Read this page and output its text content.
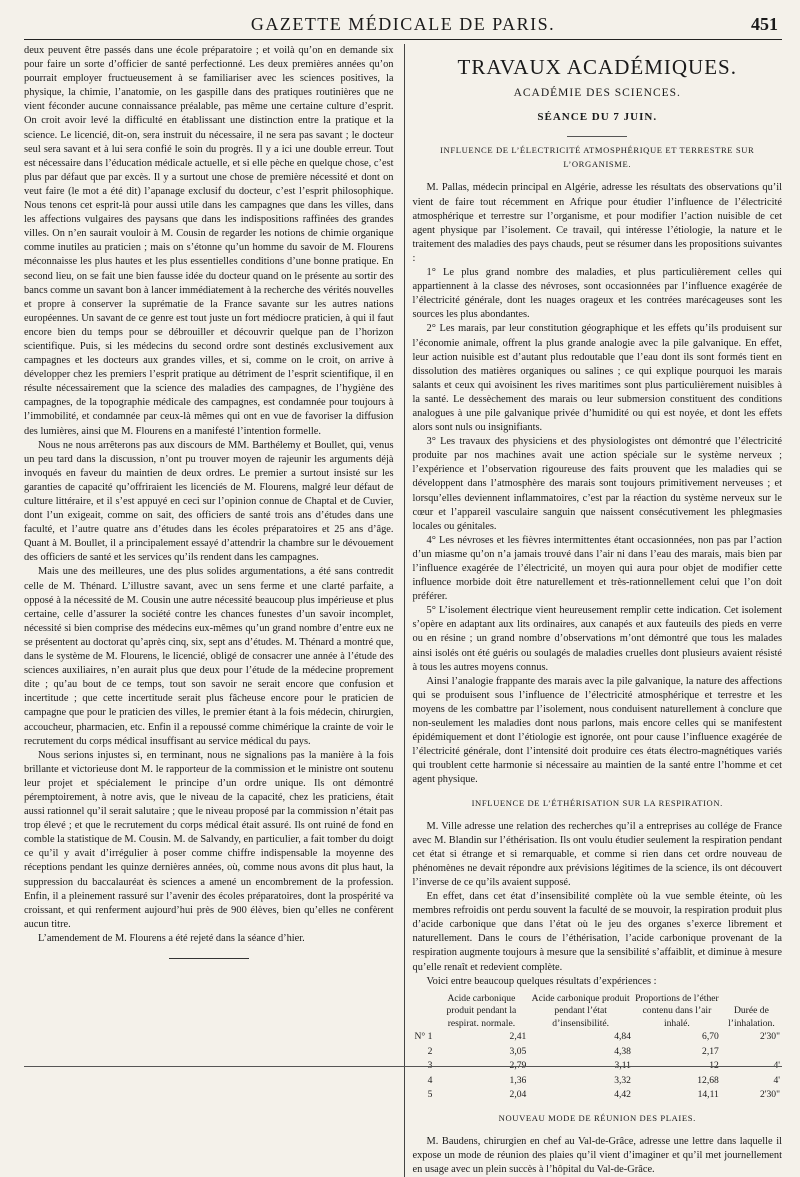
GAZETTE MÉDICALE DE PARIS.	451

deux peuvent être passés dans une école préparatoire ; et voilà qu’on en demande six pour faire un sorte d’officier de santé perfectionné. Les deux premières années qu’on pourrait employer fructueusement à se familiariser avec les sciences positives, la physique, la chimie, l’anatomie, on les gaspille dans des pratiques routinières que ne vient féconder aucune connaissance préalable, pas même une certaine culture d’esprit. On croit avoir levé la difficulté en établissant une distinction entre la pratique et la science. Le licencié, dit-on, sera instruit du nécessaire, il ne sera pas savant ; le docteur seul sera savant et à lui sera confié le soin du progrès. Il y a ici une double erreur. Tout est nécessaire dans l’éducation médicale actuelle, et si elle pèche en quelque chose, c’est plus par défaut que par excès. Il y a surtout une chose de première nécessité et dont on veut faire (le mot a été dit) l’apanage exclusif du docteur, c’est l’esprit philosophique. Nous tenons cet esprit-là pour aussi utile dans les campagnes que dans les villes, dans les affections vulgaires des paysans que dans les indispositions raffinées des grandes villes. On n’en saurait vouloir à M. Cousin de regarder les notions de chimie organique comme inutiles au praticien ; mais on s’étonne qu’un homme du savoir de M. Flourens méconnaisse les plus hautes et les plus essentielles conditions d’une bonne pratique. En second lieu, on se fait une bien fausse idée du docteur quand on le présente au sortir des bancs comme un savant bon à lancer immédiatement à la recherche des vérités nouvelles et propre à conserver la suprématie de la France savante sur les autres nations européennes. Un savant de ce genre est tout juste un fort médiocre praticien, à qui il faut encore bien du temps pour se débrouiller et découvrir quelque pan de l’horizon scientifique. Puis, si les médecins du second ordre sont destinés exclusivement aux campagnes et les docteurs aux grandes villes, et si, comme on le croit, on arrive à développer chez les premiers l’esprit pratique au détriment de l’esprit scientifique, il en résulte nécessairement que la science des maladies des campagnes, de l’hygiène des campagnes, de la topographie médicale des campagnes, est condamnée pour toujours à l’immobilité, et condamnée par ceux-là mêmes qui ont en vue de favoriser la diffusion des lumières, ainsi que M. Flourens en a manifesté l’intention formelle.

Nous ne nous arrêterons pas aux discours de MM. Barthélemy et Boullet, qui, venus un peu tard dans la discussion, n’ont pu trouver moyen de rajeunir les arguments déjà invoqués en faveur du maintien de deux ordres. Le premier a surtout insisté sur les garanties de capacité qu’offriraient les licenciés de M. Flourens, malgré leur défaut de culture littéraire, et il s’est appuyé en ceci sur l’opinion connue de Chaptal et de Cuvier, dont l’un exigeait, comme on sait, des officiers de santé trois ans d’études dans une faculté, et l’autre quatre ans d’études dans les écoles préparatoires et 25 ans d’âge. Quant à M. Boullet, il a principalement essayé d’attendrir la chambre sur le dévouement des officiers de santé et les services qu’ils rendent dans les campagnes.

Mais une des meilleures, une des plus solides argumentations, a été sans contredit celle de M. Thénard. L’illustre savant, avec un sens ferme et une clarté parfaite, a opposé à la nécessité de M. Cousin une autre nécessité beaucoup plus impérieuse et plus certaine, celle d’assurer la société contre les chances funestes d’un savoir incomplet, nécessité si bien comprise des médecins eux-mêmes qu’un grand nombre d’entre eux ne se présentent au doctorat qu’après cinq, six, sept ans d’études. M. Thénard a montré que, dans le système de M. Flourens, le licencié, obligé de consacrer une année à l’étude des sciences auxiliaires, n’en aurait plus que deux pour l’étude de la médecine proprement dite ; qu’au bout de ce temps, tout son savoir ne serait encore que confusion et incertitude ; que cette incertitude serait plus fâcheuse encore pour le praticien de campagne que pour le praticien des villes, le premier étant à la fois médecin, chirurgien, accoucheur, pharmacien, etc. Enfin il a repoussé comme chimérique la crainte de voir le recrutement du corps médical insuffisant au service médical du pays.

Nous serions injustes si, en terminant, nous ne signalions pas la manière à la fois brillante et victorieuse dont M. le rapporteur de la commission et le ministre ont soutenu leur projet et spécialement le principe d’un ordre unique. Ils ont démontré péremptoirement, à notre avis, que le niveau de la capacité, chez les praticiens, était aussi rationnel qu’il serait salutaire ; que le niveau proposé par la commission n’était pas trop élevé ; et que le recrutement du corps médical était assuré. Ils ont ruiné de fond en comble la statistique de M. Cousin. M. de Salvandy, en particulier, a fait tomber du doigt ce qu’il y avait d’irrégulier à poser comme chiffre indispensable la moyenne des réceptions pendant les quinze dernières années, où, comme nous avons dit plus haut, la suppression du baccalauréat ès sciences a amené un encombrement de la profession. Enfin, il a pleinement rassuré sur l’avenir des écoles préparatoires, dont la prospérité va croissant, et qui renferment aujourd’hui près de 900 élèves, bien qu’elles ne confèrent aucun titre.

L’amendement de M. Flourens a été rejeté dans la séance d’hier.

TRAVAUX ACADÉMIQUES.
ACADÉMIE DES SCIENCES.
SÉANCE DU 7 JUIN.
INFLUENCE DE L’ÉLECTRICITÉ ATMOSPHÉRIQUE ET TERRESTRE SUR L’ORGANISME.

M. Pallas, médecin principal en Algérie, adresse les résultats des observations qu’il vient de faire tout récemment en Afrique pour étudier l’influence de l’électricité atmosphérique et terrestre sur l’organisme, et pour modifier l’action nuisible de cet agent physique par l’isolement. Ce travail, qui intéresse l’étiologie, la nature et le traitement des maladies des pays chauds, peut se résumer dans les propositions suivantes :

1° Le plus grand nombre des maladies, et plus particulièrement celles qui appartiennent à la classe des névroses, sont occasionnées par l’influence exagérée de l’électricité générale, dont les nuages orageux et les contrées marécageuses sont les sources les plus abondantes.

2° Les marais, par leur constitution géographique et les effets qu’ils produisent sur l’économie animale, offrent la plus grande analogie avec la pile galvanique. En effet, leur action nuisible est d’autant plus redoutable que l’eau dont ils sont formés tient en dissolution des matières organiques ou salines ; ce qui explique pourquoi les marais salants et ceux qui avoisinent les rives maritimes sont plus particulièrement nuisibles à la santé. Le dessèchement des marais ou leur submersion constituent des conditions analogues à une pile galvanique privée d’humidité ou qui est noyée, et dont les effets alors sont nuls ou insignifiants.

3° Les travaux des physiciens et des physiologistes ont démontré que l’électricité produite par nos machines avait une action spéciale sur le système nerveux ; l’expérience et l’observation rigoureuse des faits prouvent que les maladies qui se développent dans l’atmosphère des marais sont toujours primitivement nerveuses ; et lorsqu’elles deviennent inflammatoires, c’est par la réaction du système nerveux sur le cœur et l’appareil vasculaire sanguin que naissent consécutivement les phlegmasies locales ou génitales.

4° Les névroses et les fièvres intermittentes étant occasionnées, non pas par l’action d’un miasme qu’on n’a jamais trouvé dans l’air ni dans l’eau des marais, mais bien par l’influence exagérée de l’électricité, un moyen qui aura pour objet de modifier cette influence morbide doit être naturellement et très-rationnellement celui que l’on doit préférer.

5° L’isolement électrique vient heureusement remplir cette indication. Cet isolement s’opère en adaptant aux lits ordinaires, aux canapés et aux fauteuils des pieds en verre ou en résine ; un grand nombre d’observations m’ont démontré que tous les malades ainsi isolés ont été guéris ou soulagés de maladies cruelles dont plusieurs avaient résisté à tous les autres moyens connus.

Ainsi l’analogie frappante des marais avec la pile galvanique, la nature des affections qui se produisent sous l’influence de l’électricité atmosphérique et terrestre et les moyens de les combattre par l’isolement, nous conduisent naturellement à conclure que non-seulement les maladies dont nous parlons, mais encore celles qui se manifestent épidémiquement et dont l’étiologie est ignorée, ont pour cause l’influence exagérée de l’électricité générale, dont l’intensité doit produire ces états électro-magnétiques variés qui troublent cette harmonie si nécessaire au maintien de la santé entre l’homme et cet agent physique.

INFLUENCE DE L’ÉTHÉRISATION SUR LA RESPIRATION.

M. Ville adresse une relation des recherches qu’il a entreprises au collége de France avec M. Blandin sur l’éthérisation. Ils ont voulu étudier seulement la respiration pendant cet état si étrange et si remarquable, et comme si rien dans cet ordre nouveau de phénomènes ne devait répondre aux prévisions légitimes de la science, ils ont découvert l’inverse de ce qu’ils avaient supposé.

En effet, dans cet état d’insensibilité complète où la vue semble éteinte, où les membres refroidis ont perdu souvent la faculté de se mouvoir, la respiration produit plus d’acide carbonique que dans l’état où le jeu des organes s’exerce librement et naturellement. Dans le cours de l’éthérisation, l’acide carbonique provenant de la respiration augmente toujours à mesure que la sensibilité s’affaiblit, et diminue à mesure qu’elle renaît et redevient complète.

Voici entre beaucoup quelques résultats d’expériences :

	Acide carbonique produit pendant la respirat. normale.	Acide carbonique produit pendant l’état d’insensibilité.	Proportions de l’éther contenu dans l’air inhalé.	Durée de l’inhalation.
N° 1	2,41	4,84	6,70	2'30"
2	3,05	4,38	2,17	
3	2,79	3,11	12	4'
4	1,36	3,32	12,68	4'
5	2,04	4,42	14,11	2'30"
NOUVEAU MODE DE RÉUNION DES PLAIES.

M. Baudens, chirurgien en chef au Val-de-Grâce, adresse une lettre dans laquelle il expose un mode de réunion des plaies qu’il vient d’imaginer et qu’il met journellement en usage avec un plein succès à l’hôpital du Val-de-Grâce.
